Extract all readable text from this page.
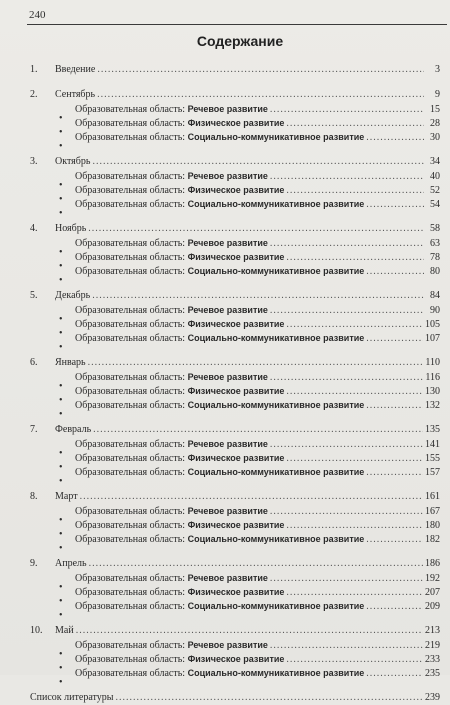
240
Содержание
1.	Введение .....	3
2.	Сентябрь .....	9
•
Образовательная область: Речевое развитие .....	15
•
Образовательная область: Физическое развитие .....	28
•
Образовательная область: Социально-коммуникативное развитие .....	30
3.	Октябрь .....	34
•
Образовательная область: Речевое развитие .....	40
•
Образовательная область: Физическое развитие .....	52
•
Образовательная область: Социально-коммуникативное развитие .....	54
4.	Ноябрь .....	58
•
Образовательная область: Речевое развитие .....	63
•
Образовательная область: Физическое развитие .....	78
•
Образовательная область: Социально-коммуникативное развитие .....	80
5.	Декабрь .....	84
•
Образовательная область: Речевое развитие .....	90
•
Образовательная область: Физическое развитие .....	105
•
Образовательная область: Социально-коммуникативное развитие .....	107
6.	Январь .....	110
•
Образовательная область: Речевое развитие .....	116
•
Образовательная область: Физическое развитие .....	130
•
Образовательная область: Социально-коммуникативное развитие .....	132
7.	Февраль .....	135
•
Образовательная область: Речевое развитие .....	141
•
Образовательная область: Физическое развитие .....	155
•
Образовательная область: Социально-коммуникативное развитие .....	157
8.	Март .....	161
•
Образовательная область: Речевое развитие .....	167
•
Образовательная область: Физическое развитие .....	180
•
Образовательная область: Социально-коммуникативное развитие .....	182
9.	Апрель .....	186
•
Образовательная область: Речевое развитие .....	192
•
Образовательная область: Физическое развитие .....	207
•
Образовательная область: Социально-коммуникативное развитие .....	209
10.	Май .....	213
•
Образовательная область: Речевое развитие .....	219
•
Образовательная область: Физическое развитие .....	233
•
Образовательная область: Социально-коммуникативное развитие .....	235
Список литературы .....	239
